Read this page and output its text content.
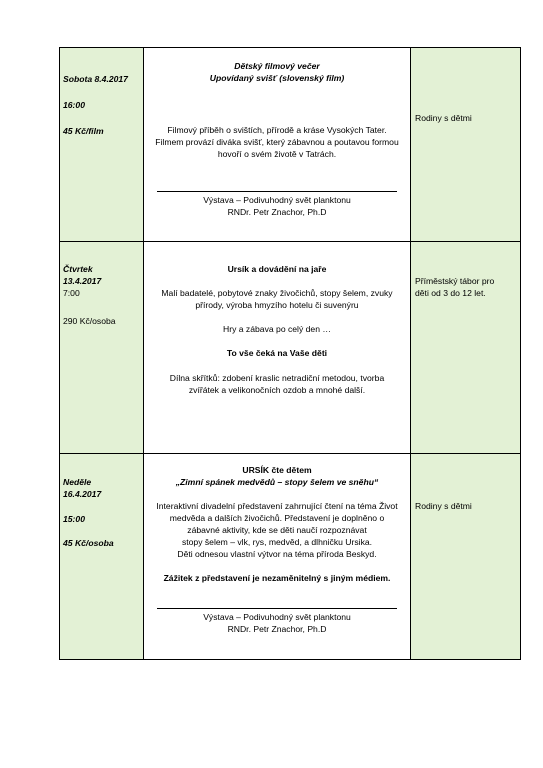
Sobota 8.4.2017
16:00
45 Kč/film
Dětský filmový večer
Upovídaný svišť (slovenský film)
Filmový příběh o svištích, přírodě a kráse Vysokých Tater.
Filmem provází diváka svišť, který zábavnou a poutavou formou
hovoří o svém životě v Tatrách.
Výstava – Podivuhodný svět planktonu
RNDr. Petr Znachor, Ph.D
Rodiny s dětmi
Čtvrtek
13.4.2017
7:00
290 Kč/osoba
Ursík a dovádění na jaře
Malí badatelé, pobytové znaky živočichů, stopy šelem, zvuky
přírody, výroba hmyzího hotelu či suvenýru
Hry a zábava po celý den …
To vše čeká na Vaše děti
Dílna skřítků: zdobení kraslic netradiční metodou, tvorba
zvířátek a velikonočních ozdob a mnohé další.
Příměstský tábor pro
děti od 3 do 12 let.
Neděle
16.4.2017
15:00
45 Kč/osoba
URSÍK čte dětem
„Zimní spánek medvědů – stopy šelem ve sněhu“
Interaktivní divadelní představení zahrnující čtení na téma Život
medvěda a dalších živočichů. Představení je doplněno o
zábavné aktivity, kde se děti naučí rozpoznávat
stopy šelem – vlk, rys, medvěd, a dlhničku Ursika.
Děti odnesou vlastní výtvor na téma příroda Beskyd.
Zážitek z představení je nezaměnitelný s jiným médiem.
Výstava – Podivuhodný svět planktonu
RNDr. Petr Znachor, Ph.D
Rodiny s dětmi
